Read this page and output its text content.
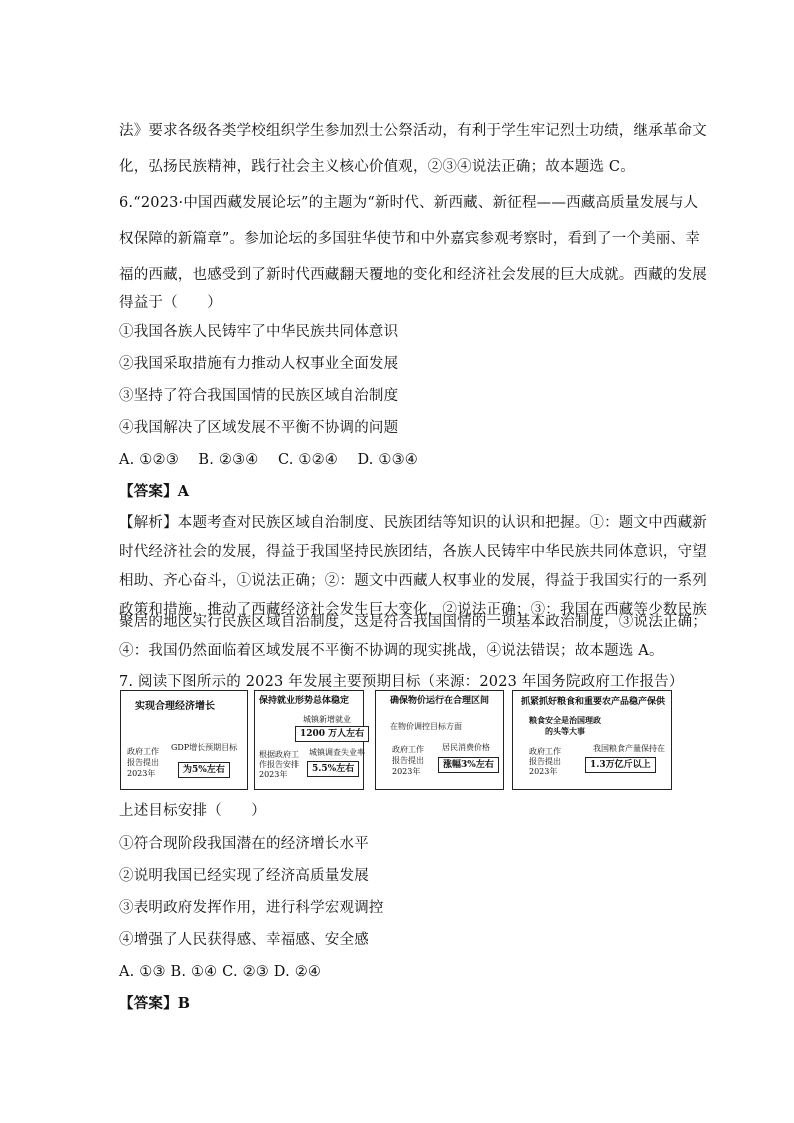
法》要求各级各类学校组织学生参加烈士公祭活动，有利于学生牢记烈士功绩，继承革命文
化，弘扬民族精神，践行社会主义核心价值观，②③④说法正确；故本题选 C。
6.“2023·中国西藏发展论坛”的主题为“新时代、新西藏、新征程——西藏高质量发展与人
权保障的新篇章”。参加论坛的多国驻华使节和中外嘉宾参观考察时，看到了一个美丽、幸
福的西藏，也感受到了新时代西藏翻天覆地的变化和经济社会发展的巨大成就。西藏的发展
得益于（　　）
①我国各族人民铸牢了中华民族共同体意识
②我国采取措施有力推动人权事业全面发展
③坚持了符合我国国情的民族区域自治制度
④我国解决了区域发展不平衡不协调的问题
A. ①②③　 B. ②③④　 C. ①②④　 D. ①③④
【答案】A
【解析】本题考查对民族区域自治制度、民族团结等知识的认识和把握。①：题文中西藏新
时代经济社会的发展，得益于我国坚持民族团结，各族人民铸牢中华民族共同体意识，守望
相助、齐心奋斗，①说法正确；②：题文中西藏人权事业的发展，得益于我国实行的一系列
政策和措施，推动了西藏经济社会发生巨大变化，②说法正确；③：我国在西藏等少数民族
聚居的地区实行民族区域自治制度，这是符合我国国情的一项基本政治制度，③说法正确；
实现合理经济增长
GDP增长预期目标
政府工作
报告提出
2023年	为5%左右
保持就业形势总体稳定
城镇新增就业
1200 万人左右
根据政府工
作报告安排
2023年
城镇调查失业率
5.5%左右
确保物价运行在合理区间
在物价调控目标方面
政府工作
报告提出
2023年
居民消费价格
涨幅3%左右
抓紧抓好粮食和重要农产品稳产保供
粮食安全是治国理政
的头等大事
政府工作
报告提出
2023年
我国粮食产量保持在
1.3万亿斤以上
上述目标安排（　　）
①符合现阶段我国潜在的经济增长水平
②说明我国已经实现了经济高质量发展
③表明政府发挥作用，进行科学宏观调控
④增强了人民获得感、幸福感、安全感
A. ①③ B. ①④ C. ②③ D. ②④
【答案】B
④：我国仍然面临着区域发展不平衡不协调的现实挑战，④说法错误；故本题选 A。
7. 阅读下图所示的 2023 年发展主要预期目标（来源：2023 年国务院政府工作报告）
